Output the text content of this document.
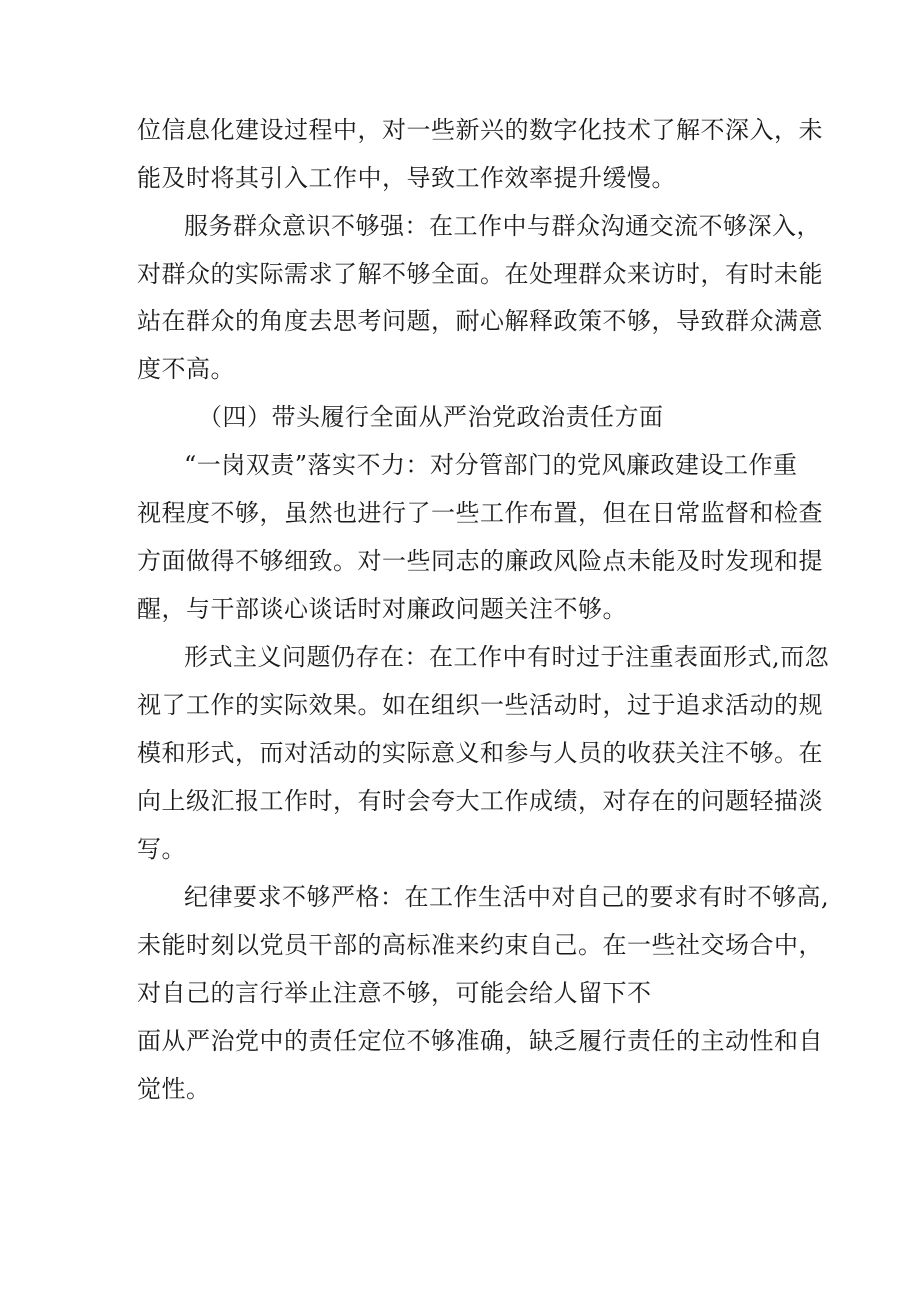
位信息化建设过程中，对一些新兴的数字化技术了解不深入，未
能及时将其引入工作中，导致工作效率提升缓慢。
服务群众意识不够强：在工作中与群众沟通交流不够深入，
对群众的实际需求了解不够全面。在处理群众来访时，有时未能
站在群众的角度去思考问题，耐心解释政策不够，导致群众满意
度不高。
（四）带头履行全面从严治党政治责任方面
“一岗双责”落实不力：对分管部门的党风廉政建设工作重
视程度不够，虽然也进行了一些工作布置，但在日常监督和检查
方面做得不够细致。对一些同志的廉政风险点未能及时发现和提
醒，与干部谈心谈话时对廉政问题关注不够。
形式主义问题仍存在：在工作中有时过于注重表面形式,而忽
视了工作的实际效果。如在组织一些活动时，过于追求活动的规
模和形式，而对活动的实际意义和参与人员的收获关注不够。在
向上级汇报工作时，有时会夸大工作成绩，对存在的问题轻描淡
写。
纪律要求不够严格：在工作生活中对自己的要求有时不够高,
未能时刻以党员干部的高标准来约束自己。在一些社交场合中，
对自己的言行举止注意不够，可能会给人留下不
面从严治党中的责任定位不够准确，缺乏履行责任的主动性和自
觉性。
